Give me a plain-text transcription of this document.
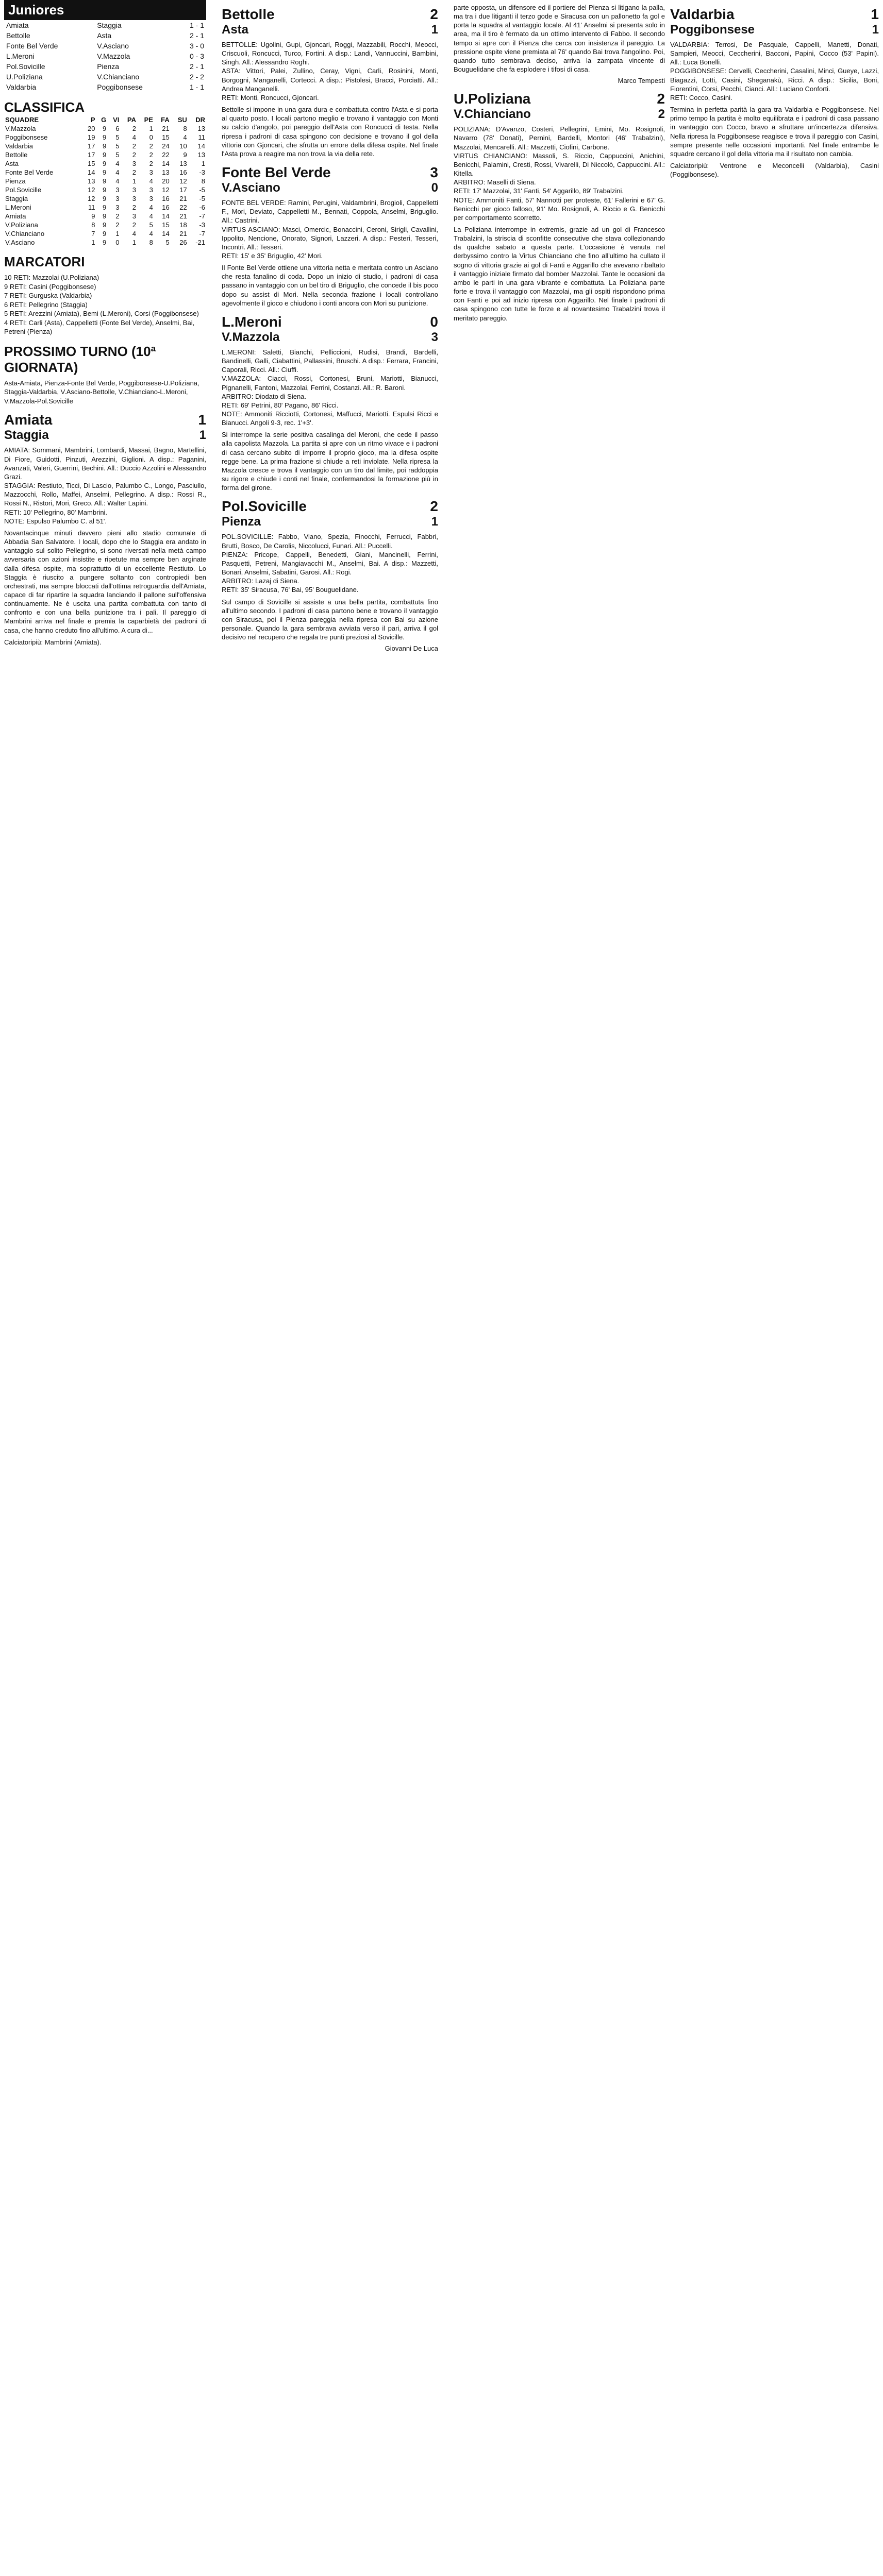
Juniores
Amiata	Staggia	1 - 1
Bettolle	Asta	2 - 1
Fonte Bel Verde	V.Asciano	3 - 0
L.Meroni	V.Mazzola	0 - 3
Pol.Sovicille	Pienza	2 - 1
U.Poliziana	V.Chianciano	2 - 2
Valdarbia	Poggibonsese	1 - 1
CLASSIFICA
SQUADRE	P	G	VI	PA	PE	FA	SU	DR
V.Mazzola	20	9	6	2	1	21	8	13
Poggibonsese	19	9	5	4	0	15	4	11
Valdarbia	17	9	5	2	2	24	10	14
Bettolle	17	9	5	2	2	22	9	13
Asta	15	9	4	3	2	14	13	1
Fonte Bel Verde	14	9	4	2	3	13	16	-3
Pienza	13	9	4	1	4	20	12	8
Pol.Sovicille	12	9	3	3	3	12	17	-5
Staggia	12	9	3	3	3	16	21	-5
L.Meroni	11	9	3	2	4	16	22	-6
Amiata	9	9	2	3	4	14	21	-7
V.Poliziana	8	9	2	2	5	15	18	-3
V.Chianciano	7	9	1	4	4	14	21	-7
V.Asciano	1	9	0	1	8	5	26	-21
MARCATORI
10 RETI: Mazzolai (U.Poliziana)
9 RETI: Casini (Poggibonsese)
7 RETI: Gurguska (Valdarbia)
6 RETI: Pellegrino (Staggia)
5 RETI: Arezzini (Amiata), Bemi (L.Meroni), Corsi (Poggibonsese)
4 RETI: Carli (Asta), Cappelletti (Fonte Bel Verde), Anselmi, Bai, Petreni (Pienza)
PROSSIMO TURNO (10ª GIORNATA)
Asta-Amiata, Pienza-Fonte Bel Verde, Poggibonsese-U.Poliziana, Staggia-Valdarbia, V.Asciano-Bettolle, V.Chianciano-L.Meroni, V.Mazzola-Pol.Sovicille
Amiata	1
Staggia	1
AMIATA: Sommani, Mambrini, Lombardi, Massai, Bagno, Martellini, Di Fiore, Guidotti, Pinzuti, Arezzini, Giglioni. A disp.: Paganini, Avanzati, Valeri, Guerrini, Bechini. All.: Duccio Azzolini e Alessandro Grazi.
STAGGIA: Restiuto, Ticci, Di Lascio, Palumbo C., Longo, Pasciullo, Mazzocchi, Rollo, Maffei, Anselmi, Pellegrino. A disp.: Rossi R., Rossi N., Ristori, Mori, Greco. All.: Walter Lapini.
RETI: 10' Pellegrino, 80' Mambrini.
NOTE: Espulso Palumbo C. al 51'.
Novantacinque minuti davvero pieni allo stadio comunale di Abbadia San Salvatore. I locali, dopo che lo Staggia era andato in vantaggio sul solito Pellegrino, si sono riversati nella metà campo avversaria con azioni insistite e ripetute ma sempre ben arginate dalla difesa ospite, ma soprattutto di un eccellente Restiuto. Lo Staggia è riuscito a pungere soltanto con contropiedi ben orchestrati, ma sempre bloccati dall'ottima retroguardia dell'Amiata, capace di far ripartire la squadra lanciando il pallone sull'offensiva continuamente. Ne è uscita una partita combattuta con tanto di confronto e con una bella punizione tra i pali. Il pareggio di Mambrini arriva nel finale e premia la caparbietà dei padroni di casa, che hanno creduto fino all'ultimo. A cura di...
Calciatoripiù: Mambrini (Amiata).
Bettolle	2
Asta	1
BETTOLLE: Ugolini, Gupi, Gjoncari, Roggi, Mazzabili, Rocchi, Meocci, Criscuoli, Roncucci, Turco, Fortini. A disp.: Landi, Vannuccini, Bambini, Singh. All.: Alessandro Roghi.
ASTA: Vittori, Palei, Zullino, Ceray, Vigni, Carli, Rosinini, Monti, Borgogni, Manganelli, Cortecci. A disp.: Pistolesi, Bracci, Porciatti. All.: Andrea Manganelli.
RETI: Monti, Roncucci, Gjoncari.
Bettolle si impone in una gara dura e combattuta contro l'Asta e si porta al quarto posto. I locali partono meglio e trovano il vantaggio con Monti su calcio d'angolo, poi pareggio dell'Asta con Roncucci di testa. Nella ripresa i padroni di casa spingono con decisione e trovano il gol della vittoria con Gjoncari, che sfrutta un errore della difesa ospite. Nel finale l'Asta prova a reagire ma non trova la via della rete.
Fonte Bel Verde	3
V.Asciano	0
FONTE BEL VERDE: Ramini, Perugini, Valdambrini, Brogioli, Cappelletti F., Mori, Deviato, Cappelletti M., Bennati, Coppola, Anselmi, Briguglio. All.: Castrini.
VIRTUS ASCIANO: Masci, Omercic, Bonaccini, Ceroni, Sirigli, Cavallini, Ippolito, Nencione, Onorato, Signori, Lazzeri. A disp.: Pesteri, Tesseri, Incontri. All.: Tesseri.
RETI: 15' e 35' Briguglio, 42' Mori.
Il Fonte Bel Verde ottiene una vittoria netta e meritata contro un Asciano che resta fanalino di coda. Dopo un inizio di studio, i padroni di casa passano in vantaggio con un bel tiro di Briguglio, che concede il bis poco dopo su assist di Mori. Nella seconda frazione i locali controllano agevolmente il gioco e chiudono i conti ancora con Mori su punizione.
L.Meroni	0
V.Mazzola	3
L.MERONI: Saletti, Bianchi, Pelliccioni, Rudisi, Brandi, Bardelli, Bandinelli, Galli, Ciabattini, Pallassini, Bruschi. A disp.: Ferrara, Francini, Caporali, Ricci. All.: Ciuffi.
V.MAZZOLA: Ciacci, Rossi, Cortonesi, Bruni, Mariotti, Bianucci, Pignanelli, Fantoni, Mazzolai, Ferrini, Costanzi. All.: R. Baroni.
ARBITRO: Diodato di Siena.
RETI: 69' Petrini, 80' Pagano, 86' Ricci.
NOTE: Ammoniti Ricciotti, Cortonesi, Maffucci, Mariotti. Espulsi Ricci e Bianucci. Angoli 9-3, rec. 1'+3'.
Si interrompe la serie positiva casalinga del Meroni, che cede il passo alla capolista Mazzola. La partita si apre con un ritmo vivace e i padroni di casa cercano subito di imporre il proprio gioco, ma la difesa ospite regge bene. La prima frazione si chiude a reti inviolate. Nella ripresa la Mazzola cresce e trova il vantaggio con un tiro dal limite, poi raddoppia su rigore e chiude i conti nel finale, confermandosi la formazione più in forma del girone.
Pol.Sovicille	2
Pienza	1
POL.SOVICILLE: Fabbo, Viano, Spezia, Finocchi, Ferrucci, Fabbri, Brutti, Bosco, De Carolis, Niccolucci, Funari. All.: Puccelli.
PIENZA: Pricope, Cappelli, Benedetti, Giani, Mancinelli, Ferrini, Pasquetti, Petreni, Mangiavacchi M., Anselmi, Bai. A disp.: Mazzetti, Bonari, Anselmi, Sabatini, Garosi. All.: Rogi.
ARBITRO: Lazaj di Siena.
RETI: 35' Siracusa, 76' Bai, 95' Bouguelidane.
Sul campo di Sovicille si assiste a una bella partita, combattuta fino all'ultimo secondo. I padroni di casa partono bene e trovano il vantaggio con Siracusa, poi il Pienza pareggia nella ripresa con Bai su azione personale. Quando la gara sembrava avviata verso il pari, arriva il gol decisivo nel recupero che regala tre punti preziosi al Sovicille.
Giovanni De Luca
parte opposta, un difensore ed il portiere del Pienza si litigano la palla, ma tra i due litiganti il terzo gode e Siracusa con un pallonetto fa gol e porta la squadra al vantaggio locale. Al 41' Anselmi si presenta solo in area, ma il tiro è fermato da un ottimo intervento di Fabbo. Il secondo tempo si apre con il Pienza che cerca con insistenza il pareggio. La pressione ospite viene premiata al 76' quando Bai trova l'angolino. Poi, quando tutto sembrava deciso, arriva la zampata vincente di Bouguelidane che fa esplodere i tifosi di casa.
Marco Tempesti
U.Poliziana	2
V.Chianciano	2
POLIZIANA: D'Avanzo, Costeri, Pellegrini, Emini, Mo. Rosignoli, Navarro (78' Donati), Pernini, Bardelli, Montori (46' Trabalzini), Mazzolai, Mencarelli. All.: Mazzetti, Ciofini, Carbone.
VIRTUS CHIANCIANO: Massoli, S. Riccio, Cappuccini, Anichini, Benicchi, Palamini, Cresti, Rossi, Vivarelli, Di Niccolò, Cappuccini. All.: Kitella.
ARBITRO: Maselli di Siena.
RETI: 17' Mazzolai, 31' Fanti, 54' Aggarillo, 89' Trabalzini.
NOTE: Ammoniti Fanti, 57' Nannotti per proteste, 61' Fallerini e 67' G. Benicchi per gioco falloso, 91' Mo. Rosignoli, A. Riccio e G. Benicchi per comportamento scorretto.
La Poliziana interrompe in extremis, grazie ad un gol di Francesco Trabalzini, la striscia di sconfitte consecutive che stava collezionando da qualche sabato a questa parte. L'occasione è venuta nel derbyssimo contro la Virtus Chianciano che fino all'ultimo ha cullato il sogno di vittoria grazie ai gol di Fanti e Aggarillo che avevano ribaltato il vantaggio iniziale firmato dal bomber Mazzolai. Tante le occasioni da ambo le parti in una gara vibrante e combattuta. La Poliziana parte forte e trova il vantaggio con Mazzolai, ma gli ospiti rispondono prima con Fanti e poi ad inizio ripresa con Aggarillo. Nel finale i padroni di casa spingono con tutte le forze e al novantesimo Trabalzini trova il meritato pareggio.
Valdarbia	1
Poggibonsese	1
VALDARBIA: Terrosi, De Pasquale, Cappelli, Manetti, Donati, Sampieri, Meocci, Ceccherini, Bacconi, Papini, Cocco (53' Papini). All.: Luca Bonelli.
POGGIBONSESE: Cervelli, Ceccherini, Casalini, Minci, Gueye, Lazzi, Biagazzi, Lotti, Casini, Sheganakù, Ricci. A disp.: Sicilia, Boni, Fiorentini, Corsi, Pecchi, Cianci. All.: Luciano Conforti.
RETI: Cocco, Casini.
Termina in perfetta parità la gara tra Valdarbia e Poggibonsese. Nel primo tempo la partita è molto equilibrata e i padroni di casa passano in vantaggio con Cocco, bravo a sfruttare un'incertezza difensiva. Nella ripresa la Poggibonsese reagisce e trova il pareggio con Casini, sempre presente nelle occasioni importanti. Nel finale entrambe le squadre cercano il gol della vittoria ma il risultato non cambia.
Calciatoripiù: Ventrone e Meconcelli (Valdarbia), Casini (Poggibonsese).
